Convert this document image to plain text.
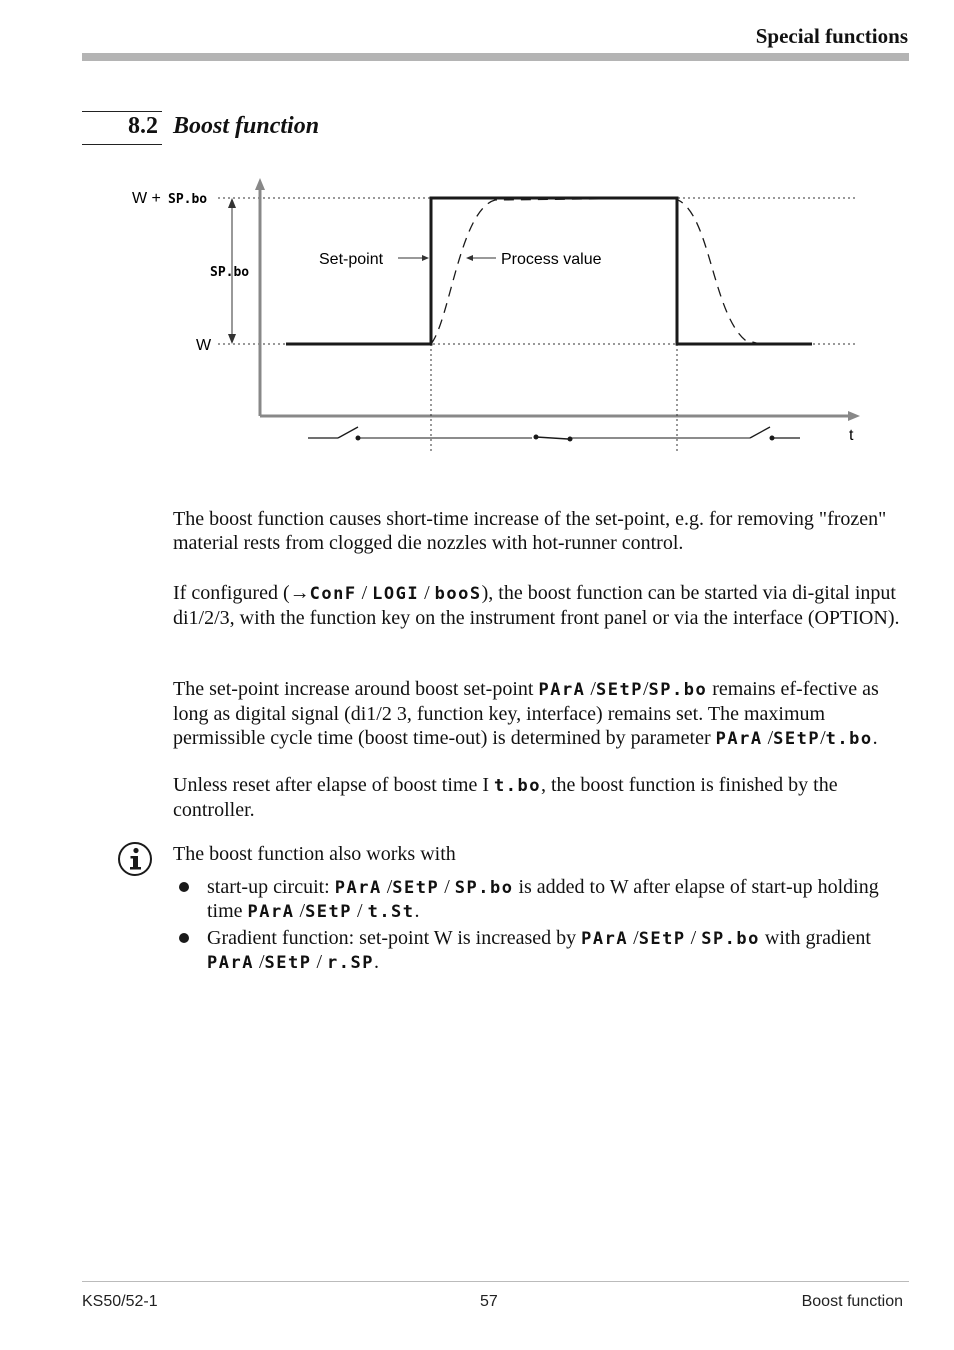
Special functions
8.2 Boost function
W + SP.bo
SP.bo
W
Set-point	Process value
t

The boost function causes short-time increase of the set-point, e.g. for removing "frozen" material rests from clogged die nozzles with hot-runner control.

If configured (→ConF / LOGI / booS), the boost function can be started via di-gital input di1/2/3, with the function key on the instrument front panel or via the interface (OPTION).

The set-point increase around boost set-point PArA /SEtP/SP.bo remains ef-fective as long as digital signal (di1/2 3, function key, interface) remains set. The maximum permissible cycle time (boost time-out) is determined by parameter PArA /SEtP/t.bo.

Unless reset after elapse of boost time I t.bo, the boost function is finished by the controller.

The boost function also works with

start-up circuit: PArA /SEtP / SP.bo is added to W after elapse of start-up holding time PArA /SEtP / t.St.

Gradient function: set-point W is increased by PArA /SEtP / SP.bo with gradient PArA /SEtP / r.SP.

KS50/52-1	57	Boost function
